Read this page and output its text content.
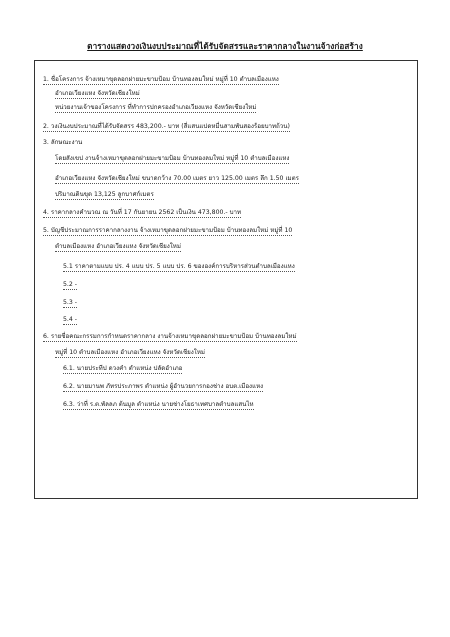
ตารางแสดงวงเงินงบประมาณที่ได้รับจัดสรรและราคากลางในงานจ้างก่อสร้าง
1. ชื่อโครงการ จ้างเหมาขุดลอกฝายมะขามป้อม บ้านทองลมใหม่ หมู่ที่ 10 ตำบลเมืองแหง
อำเภอเวียงแหง จังหวัดเชียงใหม่
หน่วยงานเจ้าของโครงการ ที่ทำการปกครองอำเภอเวียงแหง จังหวัดเชียงใหม่
2. วงเงินงบประมาณที่ได้รับจัดสรร 483,200.- บาท (สี่แสนแปดหมื่นสามพันสองร้อยบาทถ้วน)
3. ลักษณะงาน
โดยสังเขป งานจ้างเหมาขุดลอกฝายมะขามป้อม บ้านทองลมใหม่ หมู่ที่ 10 ตำบลเมืองแหง
อำเภอเวียงแหง จังหวัดเชียงใหม่ ขนาดกว้าง 70.00 เมตร ยาว 125.00 เมตร ลึก 1.50 เมตร
ปริมาณดินขุด 13,125 ลูกบาศก์เมตร
4. ราคากลางคำนวณ ณ วันที่ 17 กันยายน 2562 เป็นเงิน 473,800.- บาท
5. บัญชีประมาณการราคากลางงาน จ้างเหมาขุดลอกฝายมะขามป้อม บ้านทองลมใหม่ หมู่ที่ 10
ตำบลเมืองแหง อำเภอเวียงแหง จังหวัดเชียงใหม่
5.1 ราคาตามแบบ ปร. 4 แบบ ปร. 5 แบบ ปร. 6 ขององค์การบริหารส่วนตำบลเมืองแหง
5.2 -
5.3 -
5.4 -
6. รายชื่อคณะกรรมการกำหนดราคากลาง งานจ้างเหมาขุดลอกฝายมะขามป้อม บ้านทองลมใหม่
หมู่ที่ 10 ตำบลเมืองแหง อำเภอเวียงแหง จังหวัดเชียงใหม่
6.1. นายประทีป ดวงคำ ตำแหน่ง ปลัดอำเภอ
6.2. นายมานพ ภัทรประภาพร ตำแหน่ง ผู้อำนวยการกองช่าง อบต.เมืองแหง
6.3. ว่าที่ ร.ต.พัลลภ ต้นมูล ตำแหน่ง นายช่างโยธาเทศบาลตำบลแสนไห
